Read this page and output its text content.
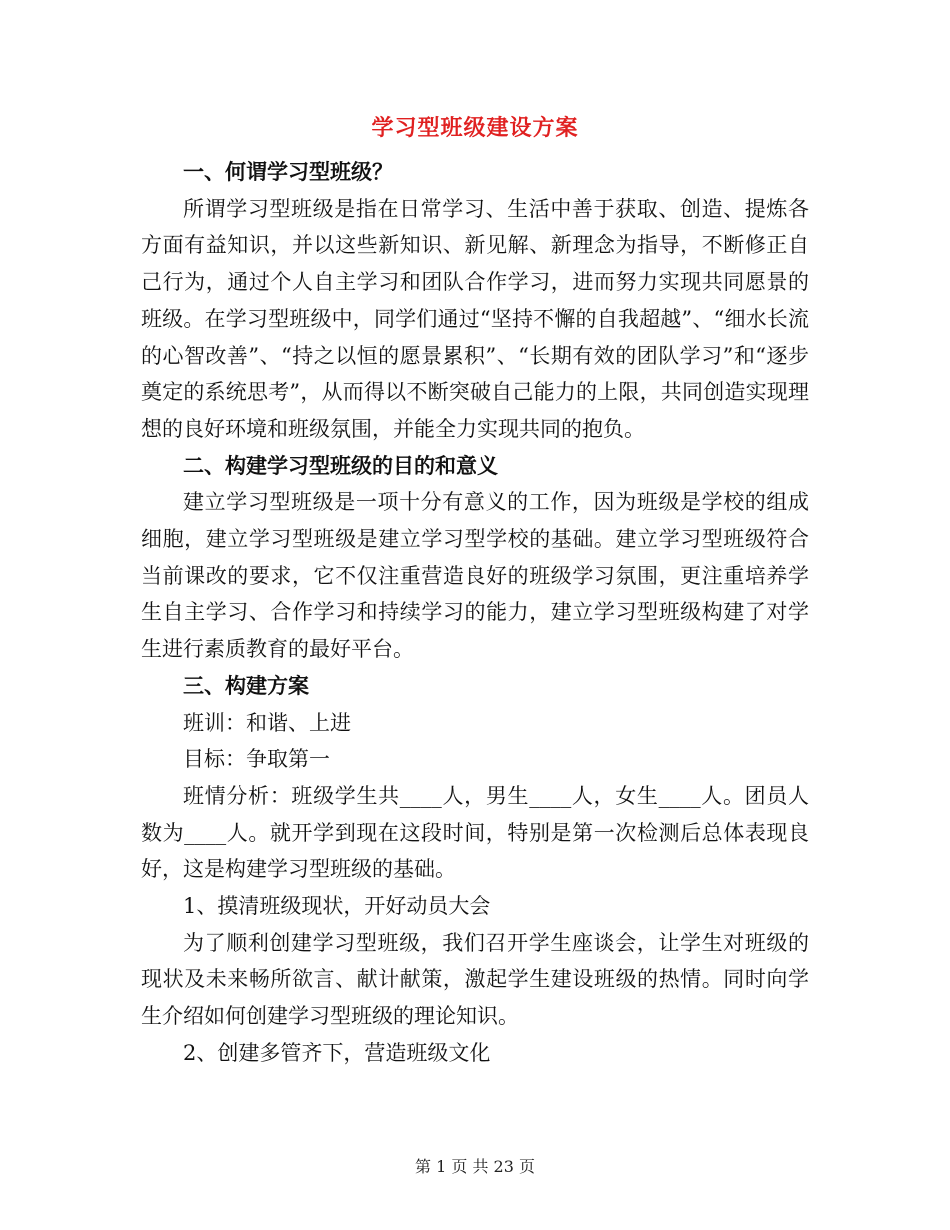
学习型班级建设方案

一、何谓学习型班级？

所谓学习型班级是指在日常学习、生活中善于获取、创造、提炼各方面有益知识，并以这些新知识、新见解、新理念为指导，不断修正自己行为，通过个人自主学习和团队合作学习，进而努力实现共同愿景的班级。在学习型班级中，同学们通过“坚持不懈的自我超越”、“细水长流的心智改善”、“持之以恒的愿景累积”、“长期有效的团队学习”和“逐步奠定的系统思考”，从而得以不断突破自己能力的上限，共同创造实现理想的良好环境和班级氛围，并能全力实现共同的抱负。

二、构建学习型班级的目的和意义

建立学习型班级是一项十分有意义的工作，因为班级是学校的组成细胞，建立学习型班级是建立学习型学校的基础。建立学习型班级符合当前课改的要求，它不仅注重营造良好的班级学习氛围，更注重培养学生自主学习、合作学习和持续学习的能力，建立学习型班级构建了对学生进行素质教育的最好平台。

三、构建方案

班训：和谐、上进

目标：争取第一

班情分析：班级学生共____人，男生____人，女生____人。团员人数为____人。就开学到现在这段时间，特别是第一次检测后总体表现良好，这是构建学习型班级的基础。

1、摸清班级现状，开好动员大会

为了顺利创建学习型班级，我们召开学生座谈会，让学生对班级的现状及未来畅所欲言、献计献策，激起学生建设班级的热情。同时向学生介绍如何创建学习型班级的理论知识。

2、创建多管齐下，营造班级文化

第 1 页 共 23 页
